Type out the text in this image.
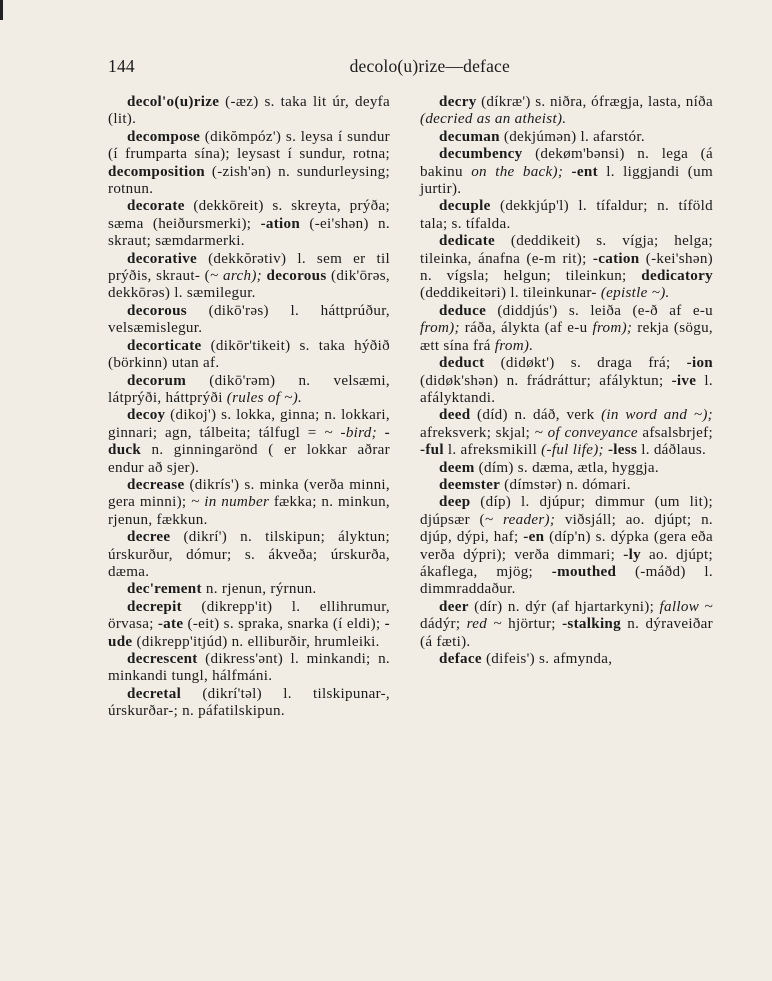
144	decolo(u)rize—deface

decol'o(u)rize (-æz) s. taka lit úr, deyfa (lit).

decompose (dikŏmpóz') s. leysa í sundur (í frumparta sína); leysast í sundur, rotna; decomposition (-zish'ən) n. sundurleysing; rotnun.

decorate (dekkōreit) s. skreyta, prýða; sæma (heiðursmerki); -ation (-ei'shən) n. skraut; sæmdarmerki.

decorative (dekkŏrətiv) l. sem er til prýðis, skraut- (~ arch); decorous (dik'ōrəs, dekkōrəs) l. sæmilegur.

decorous (dikō'rəs) l. háttprúður, velsæmislegur.

decorticate (dikōr'tikeit) s. taka hýðið (börkinn) utan af.

decorum (dikō'rəm) n. velsæmi, látprýði, háttprýði (rules of ~).

decoy (dikoj') s. lokka, ginna; n. lokkari, ginnari; agn, tálbeita; tálfugl = ~ -bird; -duck n. ginningarönd ( er lokkar aðrar endur að sjer).

decrease (dikrís') s. minka (verða minni, gera minni); ~ in number fækka; n. minkun, rjenun, fækkun.

decree (dikrí') n. tilskipun; ályktun; úrskurður, dómur; s. ákveða; úrskurða, dæma.

dec'rement n. rjenun, rýrnun.

decrepit (dikrepp'it) l. ellihrumur, örvasa; -ate (-eit) s. spraka, snarka (í eldi); -ude (dikrepp'itjúd) n. elliburðir, hrumleiki.

decrescent (dikress'ənt) l. minkandi; n. minkandi tungl, hálfmáni.

decretal (dikrí'təl) l. tilskipunar-, úrskurðar-; n. páfatilskipun.

decry (díkræ') s. niðra, ófrægja, lasta, níða (decried as an atheist).

decuman (dekjúmən) l. afarstór.

decumbency (dekøm'bənsi) n. lega (á bakinu on the back); -ent l. liggjandi (um jurtir).

decuple (dekkjúp'l) l. tífaldur; n. tíföld tala; s. tífalda.

dedicate (deddikeit) s. vígja; helga; tileinka, ánafna (e-m rit); -cation (-kei'shən) n. vígsla; helgun; tileinkun; dedicatory (deddikeitəri) l. tileinkunar- (epistle ~).

deduce (diddjús') s. leiða (e-ð af e-u from); ráða, álykta (af e-u from); rekja (sögu, ætt sína frá from).

deduct (didøkt') s. draga frá; -ion (didøk'shən) n. frádráttur; afályktun; -ive l. afályktandi.

deed (díd) n. dáð, verk (in word and ~); afreksverk; skjal; ~ of conveyance afsalsbrjef; -ful l. afreksmikill (-ful life); -less l. dáðlaus.

deem (dím) s. dæma, ætla, hyggja.

deemster (dímstər) n. dómari.

deep (díp) l. djúpur; dimmur (um lit); djúpsær (~ reader); viðsjáll; ao. djúpt; n. djúp, dýpi, haf; -en (díp'n) s. dýpka (gera eða verða dýpri); verða dimmari; -ly ao. djúpt; ákaflega, mjög; -mouthed (-máðd) l. dimmraddaður.

deer (dír) n. dýr (af hjartarkyni); fallow ~ dádýr; red ~ hjörtur; -stalking n. dýraveiðar (á fæti).

deface (difeis') s. afmynda,
